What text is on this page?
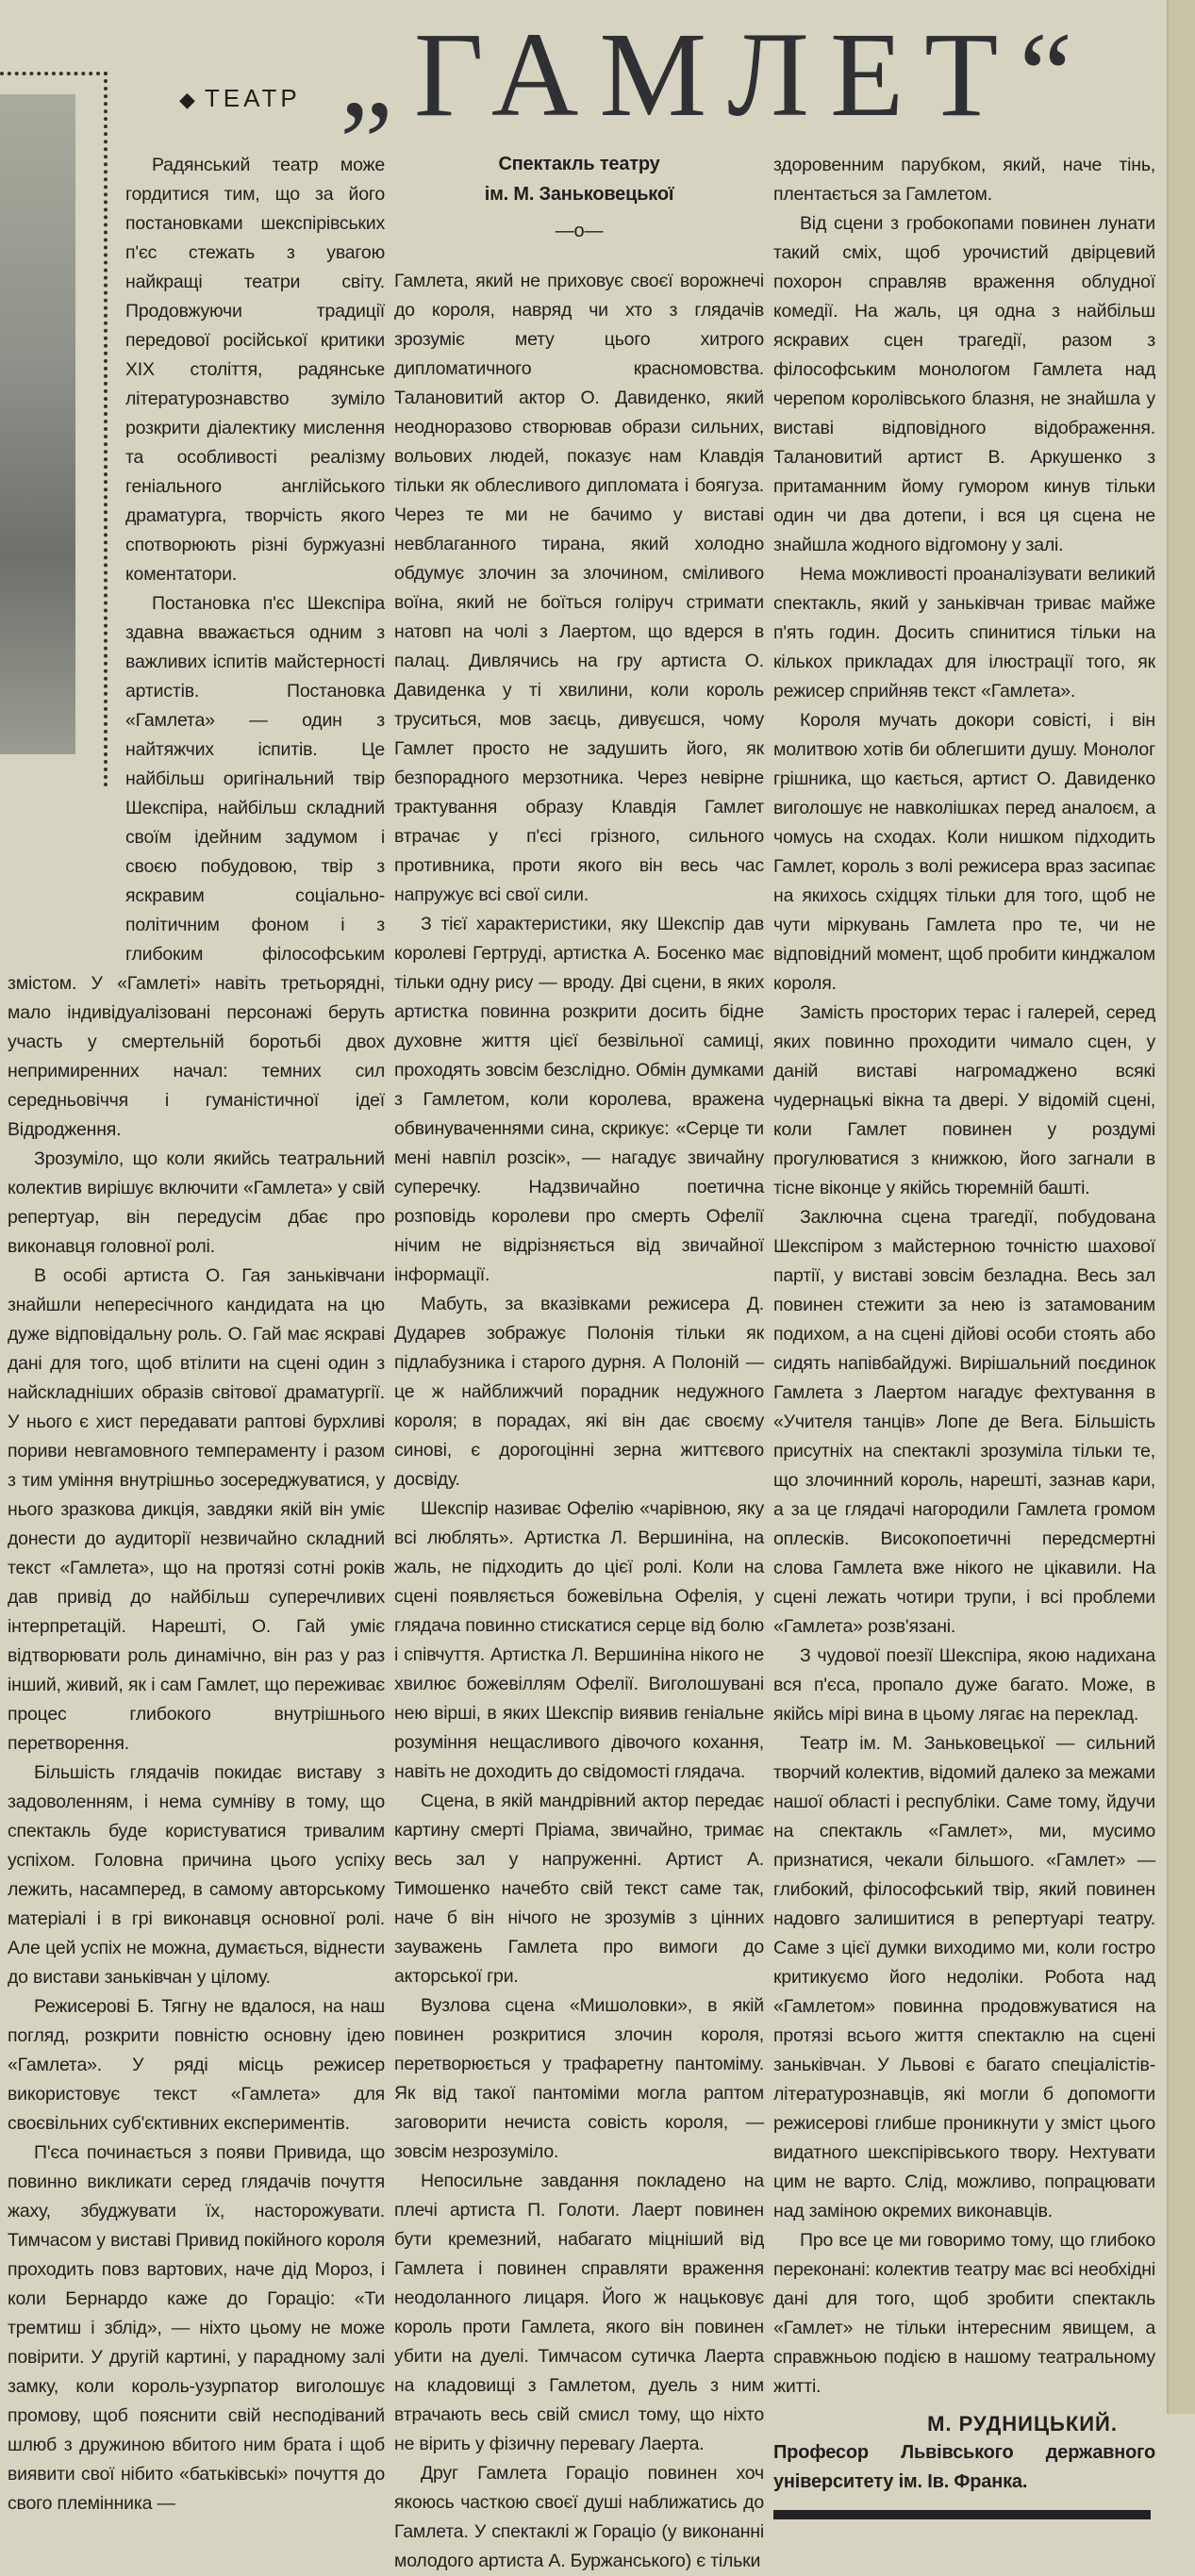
◆ ТЕАТР „ГАМЛЕТ“

Радянський театр може гордитися тим, що за його постановками шекспірівських п'єс стежать з увагою найкращі театри світу. Продовжуючи традиції передової російської критики XIX століття, радянське літературознавство зуміло розкрити діалектику мислення та особливості реалізму геніального англійського драматурга, творчість якого спотворюють різні буржуазні коментатори.

Постановка п'єс Шекспіра здавна вважається одним з важливих іспитів майстерності артистів. Постановка «Гамлета» — один з найтяжчих іспитів. Це найбільш оригінальний твір Шекспіра, найбільш складний своїм ідейним задумом і своєю побудовою, твір з яскравим соціально-політичним фоном і з глибоким філософським змістом. У «Гамлеті» навіть третьорядні, мало індивідуалізовані персонажі беруть участь у смертельній боротьбі двох непримиренних начал: темних сил середньовіччя і гуманістичної ідеї Відродження.

Зрозуміло, що коли якийсь театральний колектив вирішує включити «Гамлета» у свій репертуар, він передусім дбає про виконавця головної ролі.

В особі артиста О. Гая заньківчани знайшли непересічного кандидата на цю дуже відповідальну роль. О. Гай має яскраві дані для того, щоб втілити на сцені один з найскладніших образів світової драматургії. У нього є хист передавати раптові бурхливі пориви невгамовного темпераменту і разом з тим уміння внутрішньо зосереджуватися, у нього зразкова дикція, завдяки якій він уміє донести до аудиторії незвичайно складний текст «Гамлета», що на протязі сотні років дав привід до найбільш суперечливих інтерпретацій. Нарешті, О. Гай уміє відтворювати роль динамічно, він раз у раз інший, живий, як і сам Гамлет, що переживає процес глибокого внутрішнього перетворення.

Більшість глядачів покидає виставу з задоволенням, і нема сумніву в тому, що спектакль буде користуватися тривалим успіхом. Головна причина цього успіху лежить, насамперед, в самому авторському матеріалі і в грі виконавця основної ролі. Але цей успіх не можна, думається, віднести до вистави заньківчан у цілому.

Режисерові Б. Тягну не вдалося, на наш погляд, розкрити повністю основну ідею «Гамлета». У ряді місць режисер використовує текст «Гамлета» для своєвільних суб'єктивних експериментів.

П'єса починається з появи Привида, що повинно викликати серед глядачів почуття жаху, збуджувати їх, насторожувати. Тимчасом у виставі Привид покійного короля проходить повз вартових, наче дід Мороз, і коли Бернардо каже до Гораціо: «Ти тремтиш і зблід», — ніхто цьому не може повірити. У другій картині, у парадному залі замку, коли король-узурпатор виголошує промову, щоб пояснити свій несподіваний шлюб з дружиною вбитого ним брата і щоб виявити свої нібито «батьківські» почуття до свого племінника —

Спектакль театру

ім. М. Заньковецької

—o—

Гамлета, який не приховує своєї ворожнечі до короля, навряд чи хто з глядачів зрозуміє мету цього хитрого дипломатичного красномовства. Талановитий актор О. Давиденко, який неодноразово створював образи сильних, вольових людей, показує нам Клавдія тільки як облесливого дипломата і боягуза. Через те ми не бачимо у виставі невблаганного тирана, який холодно обдумує злочин за злочином, сміливого воїна, який не боїться голіруч стримати натовп на чолі з Лаертом, що вдерся в палац. Дивлячись на гру артиста О. Давиденка у ті хвилини, коли король труситься, мов заєць, дивуєшся, чому Гамлет просто не задушить його, як безпорадного мерзотника. Через невірне трактування образу Клавдія Гамлет втрачає у п'єсі грізного, сильного противника, проти якого він весь час напружує всі свої сили.

З тієї характеристики, яку Шекспір дав королеві Гертруді, артистка А. Босенко має тільки одну рису — вроду. Дві сцени, в яких артистка повинна розкрити досить бідне духовне життя цієї безвільної самиці, проходять зовсім безслідно. Обмін думками з Гамлетом, коли королева, вражена обвинуваченнями сина, скрикує: «Серце ти мені навпіл розсік», — нагадує звичайну суперечку. Надзвичайно поетична розповідь королеви про смерть Офелії нічим не відрізняється від звичайної інформації.

Мабуть, за вказівками режисера Д. Дударев зображує Полонія тільки як підлабузника і старого дурня. А Полоній — це ж найближчий порадник недужного короля; в порадах, які він дає своєму синові, є дорогоцінні зерна життєвого досвіду.

Шекспір називає Офелію «чарівною, яку всі люблять». Артистка Л. Вершиніна, на жаль, не підходить до цієї ролі. Коли на сцені появляється божевільна Офелія, у глядача повинно стискатися серце від болю і співчуття. Артистка Л. Вершиніна нікого не хвилює божевіллям Офелії. Виголошувані нею вірші, в яких Шекспір виявив геніальне розуміння нещасливого дівочого кохання, навіть не доходить до свідомості глядача.

Сцена, в якій мандрівний актор передає картину смерті Пріама, звичайно, тримає весь зал у напруженні. Артист А. Тимошенко начебто свій текст саме так, наче б він нічого не зрозумів з цінних зауважень Гамлета про вимоги до акторської гри.

Вузлова сцена «Мишоловки», в якій повинен розкритися злочин короля, перетворюється у трафаретну пантоміму. Як від такої пантоміми могла раптом заговорити нечиста совість короля, — зовсім незрозуміло.

Непосильне завдання покладено на плечі артиста П. Голоти. Лаерт повинен бути кремезний, набагато міцніший від Гамлета і повинен справляти враження неодоланного лицаря. Його ж нацьковує король проти Гамлета, якого він повинен убити на дуелі. Тимчасом сутичка Лаерта на кладовищі з Гамлетом, дуель з ним втрачають весь свій смисл тому, що ніхто не вірить у фізичну перевагу Лаерта.

Друг Гамлета Гораціо повинен хоч якоюсь часткою своєї душі наближатись до Гамлета. У спектаклі ж Гораціо (у виконанні молодого артиста А. Буржанського) є тільки

здоровенним парубком, який, наче тінь, плентається за Гамлетом.

Від сцени з гробокопами повинен лунати такий сміх, щоб урочистий двірцевий похорон справляв враження облудної комедії. На жаль, ця одна з найбільш яскравих сцен трагедії, разом з філософським монологом Гамлета над черепом королівського блазня, не знайшла у виставі відповідного відображення. Талановитий артист В. Аркушенко з притаманним йому гумором кинув тільки один чи два дотепи, і вся ця сцена не знайшла жодного відгомону у залі.

Нема можливості проаналізувати великий спектакль, який у заньківчан триває майже п'ять годин. Досить спинитися тільки на кількох прикладах для ілюстрації того, як режисер сприйняв текст «Гамлета».

Короля мучать докори совісті, і він молитвою хотів би облегшити душу. Монолог грішника, що кається, артист О. Давиденко виголошує не навколішках перед аналоєм, а чомусь на сходах. Коли нишком підходить Гамлет, король з волі режисера враз засипає на якихось східцях тільки для того, щоб не чути міркувань Гамлета про те, чи не відповідний момент, щоб пробити кинджалом короля.

Замість просторих терас і галерей, серед яких повинно проходити чимало сцен, у даній виставі нагромаджено всякі чудернацькі вікна та двері. У відомій сцені, коли Гамлет повинен у роздумі прогулюватися з книжкою, його загнали в тісне віконце у якійсь тюремній башті.

Заключна сцена трагедії, побудована Шекспіром з майстерною точністю шахової партії, у виставі зовсім безладна. Весь зал повинен стежити за нею із затамованим подихом, а на сцені дійові особи стоять або сидять напівбайдужі. Вирішальний поєдинок Гамлета з Лаертом нагадує фехтування в «Учителя танців» Лопе де Вега. Більшість присутніх на спектаклі зрозуміла тільки те, що злочинний король, нарешті, зазнав кари, а за це глядачі нагородили Гамлета громом оплесків. Високопоетичні передсмертні слова Гамлета вже нікого не цікавили. На сцені лежать чотири трупи, і всі проблеми «Гамлета» розв'язані.

З чудової поезії Шекспіра, якою надихана вся п'єса, пропало дуже багато. Може, в якійсь мірі вина в цьому лягає на переклад.

Театр ім. М. Заньковецької — сильний творчий колектив, відомий далеко за межами нашої області і республіки. Саме тому, йдучи на спектакль «Гамлет», ми, мусимо признатися, чекали більшого. «Гамлет» — глибокий, філософський твір, який повинен надовго залишитися в репертуарі театру. Саме з цієї думки виходимо ми, коли гостро критикуємо його недоліки. Робота над «Гамлетом» повинна продовжуватися на протязі всього життя спектаклю на сцені заньківчан. У Львові є багато спеціалістів-літературознавців, які могли б допомогти режисерові глибше проникнути у зміст цього видатного шекспірівського твору. Нехтувати цим не варто. Слід, можливо, попрацювати над заміною окремих виконавців.

Про все це ми говоримо тому, що глибоко переконані: колектив театру має всі необхідні дані для того, щоб зробити спектакль «Гамлет» не тільки інтересним явищем, а справжньою подією в нашому театральному житті.

М. РУДНИЦЬКИЙ.

Професор Львівського державного університету ім. Ів. Франка.
